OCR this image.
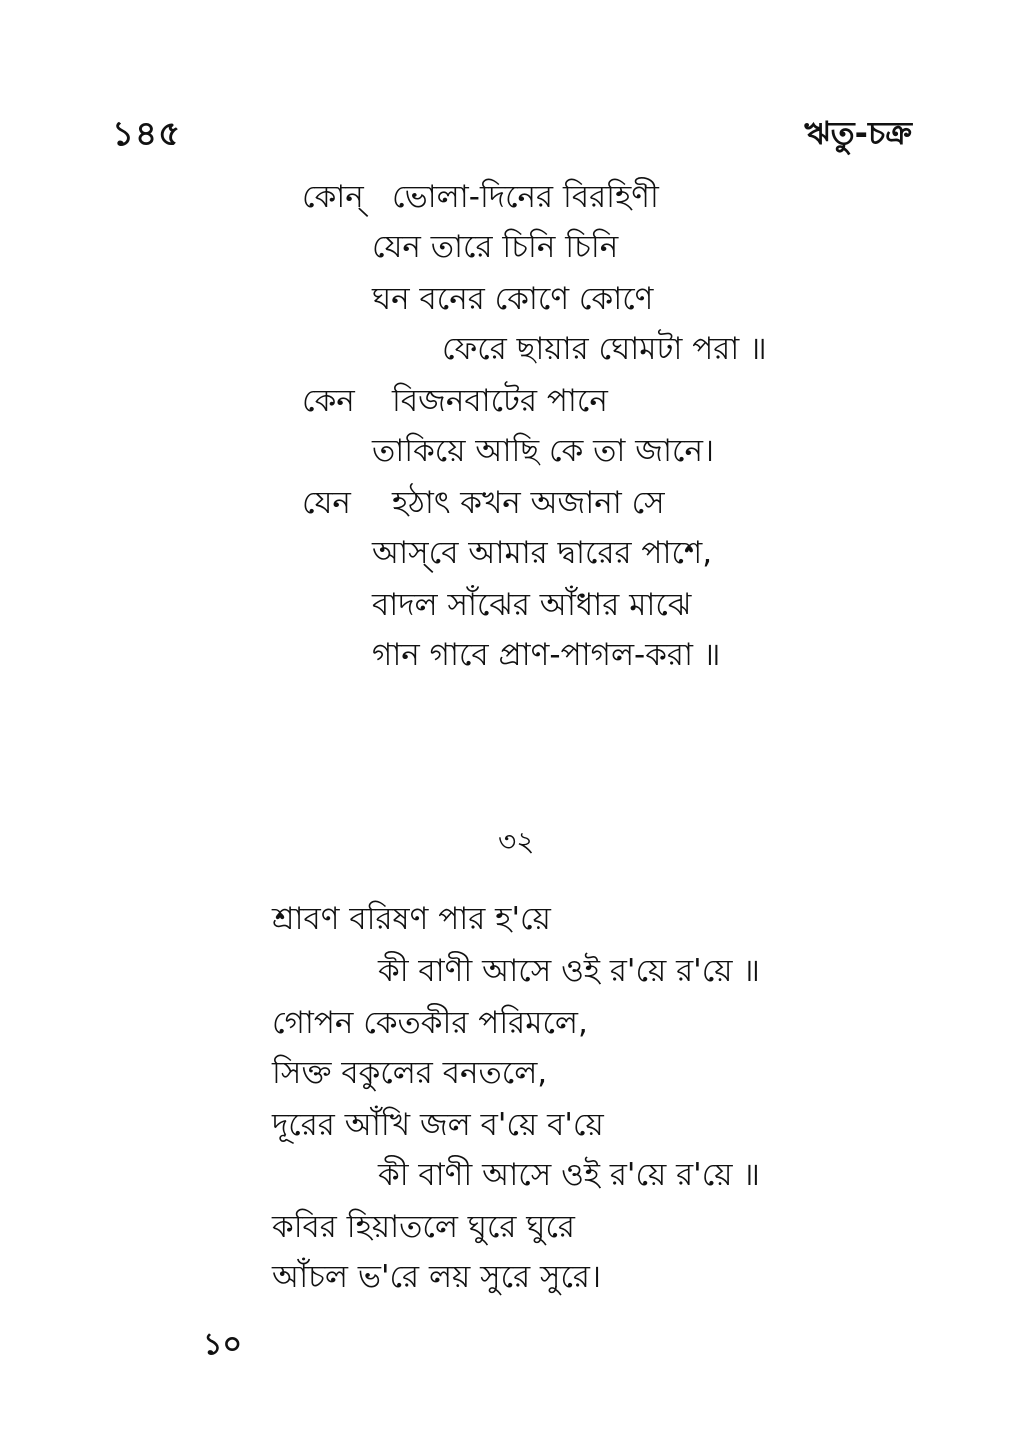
১৪৫	ঋতু-চক্র
কোন্ ভোলা-দিনের বিরহিণী
যেন তারে চিনি চিনি
ঘন বনের কোণে কোণে
ফেরে ছায়ার ঘোমটা পরা ॥
কেন বিজনবাটের পানে
তাকিয়ে আছি কে তা জানে।
যেন হঠাৎ কখন অজানা সে
আস্‌বে আমার দ্বারের পাশে,
বাদল সাঁঝের আঁধার মাঝে
গান গাবে প্রাণ-পাগল-করা ॥
৩২
শ্রাবণ বরিষণ পার হ'য়ে
কী বাণী আসে ওই র'য়ে র'য়ে ॥
গোপন কেতকীর পরিমলে,
সিক্ত বকুলের বনতলে,
দূরের আঁখি জল ব'য়ে ব'য়ে
কী বাণী আসে ওই র'য়ে র'য়ে ॥
কবির হিয়াতলে ঘুরে ঘুরে
আঁচল ভ'রে লয় সুরে সুরে।
১০
